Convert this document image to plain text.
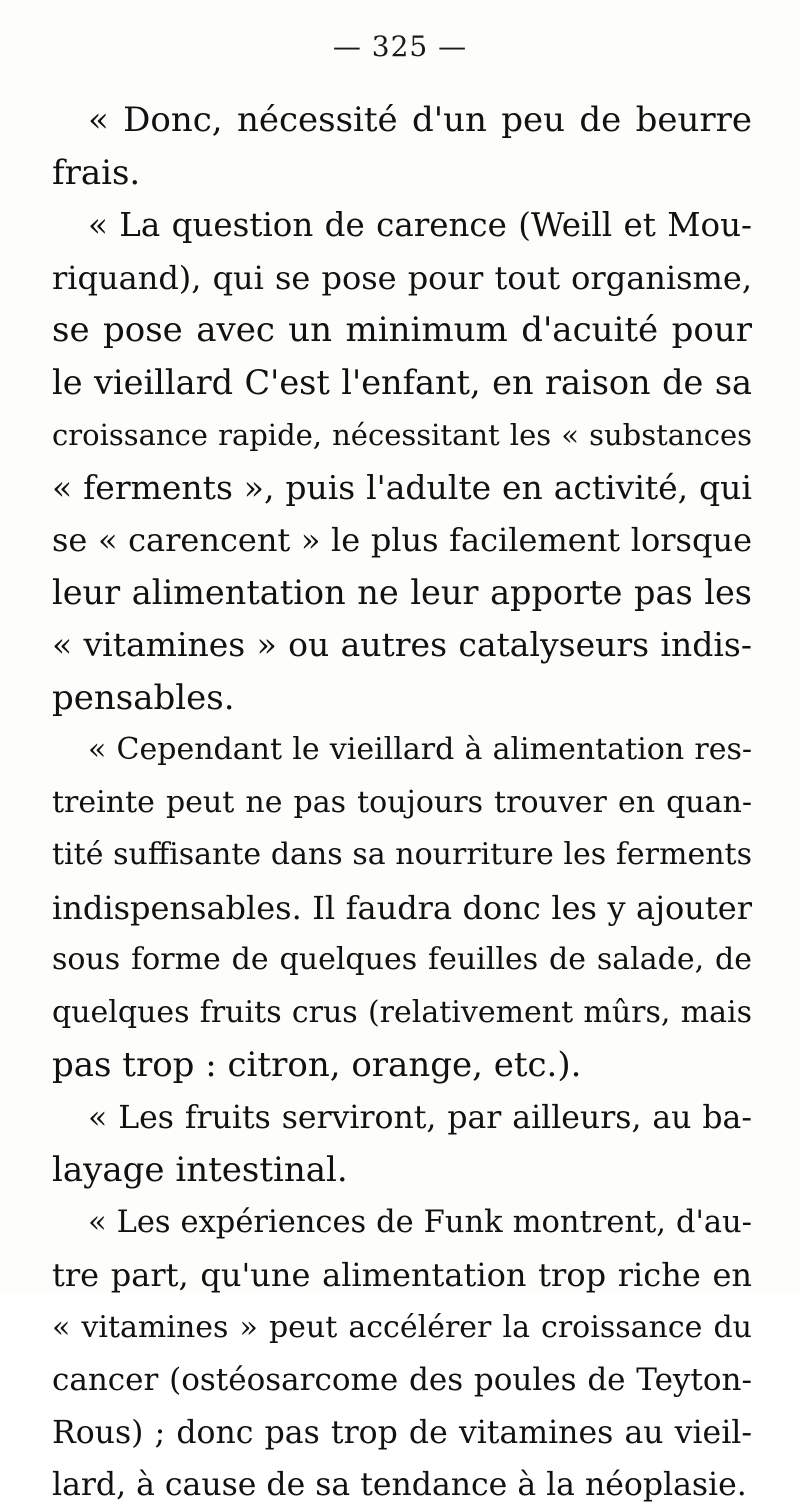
— 325 —
« Donc, nécessité d'un peu de beurre
frais.
« La question de carence (Weill et Mou-
riquand), qui se pose pour tout organisme,
se pose avec un minimum d'acuité pour
le vieillard C'est l'enfant, en raison de sa
croissance rapide, nécessitant les « substances
« ferments », puis l'adulte en activité, qui
se « carencent » le plus facilement lorsque
leur alimentation ne leur apporte pas les
« vitamines » ou autres catalyseurs indis-
pensables.
« Cependant le vieillard à alimentation res-
treinte peut ne pas toujours trouver en quan-
tité suffisante dans sa nourriture les ferments
indispensables. Il faudra donc les y ajouter
sous forme de quelques feuilles de salade, de
quelques fruits crus (relativement mûrs, mais
pas trop : citron, orange, etc.).
« Les fruits serviront, par ailleurs, au ba-
layage intestinal.
« Les expériences de Funk montrent, d'au-
tre part, qu'une alimentation trop riche en
« vitamines » peut accélérer la croissance du
cancer (ostéosarcome des poules de Teyton-
Rous) ; donc pas trop de vitamines au vieil-
lard, à cause de sa tendance à la néoplasie.
